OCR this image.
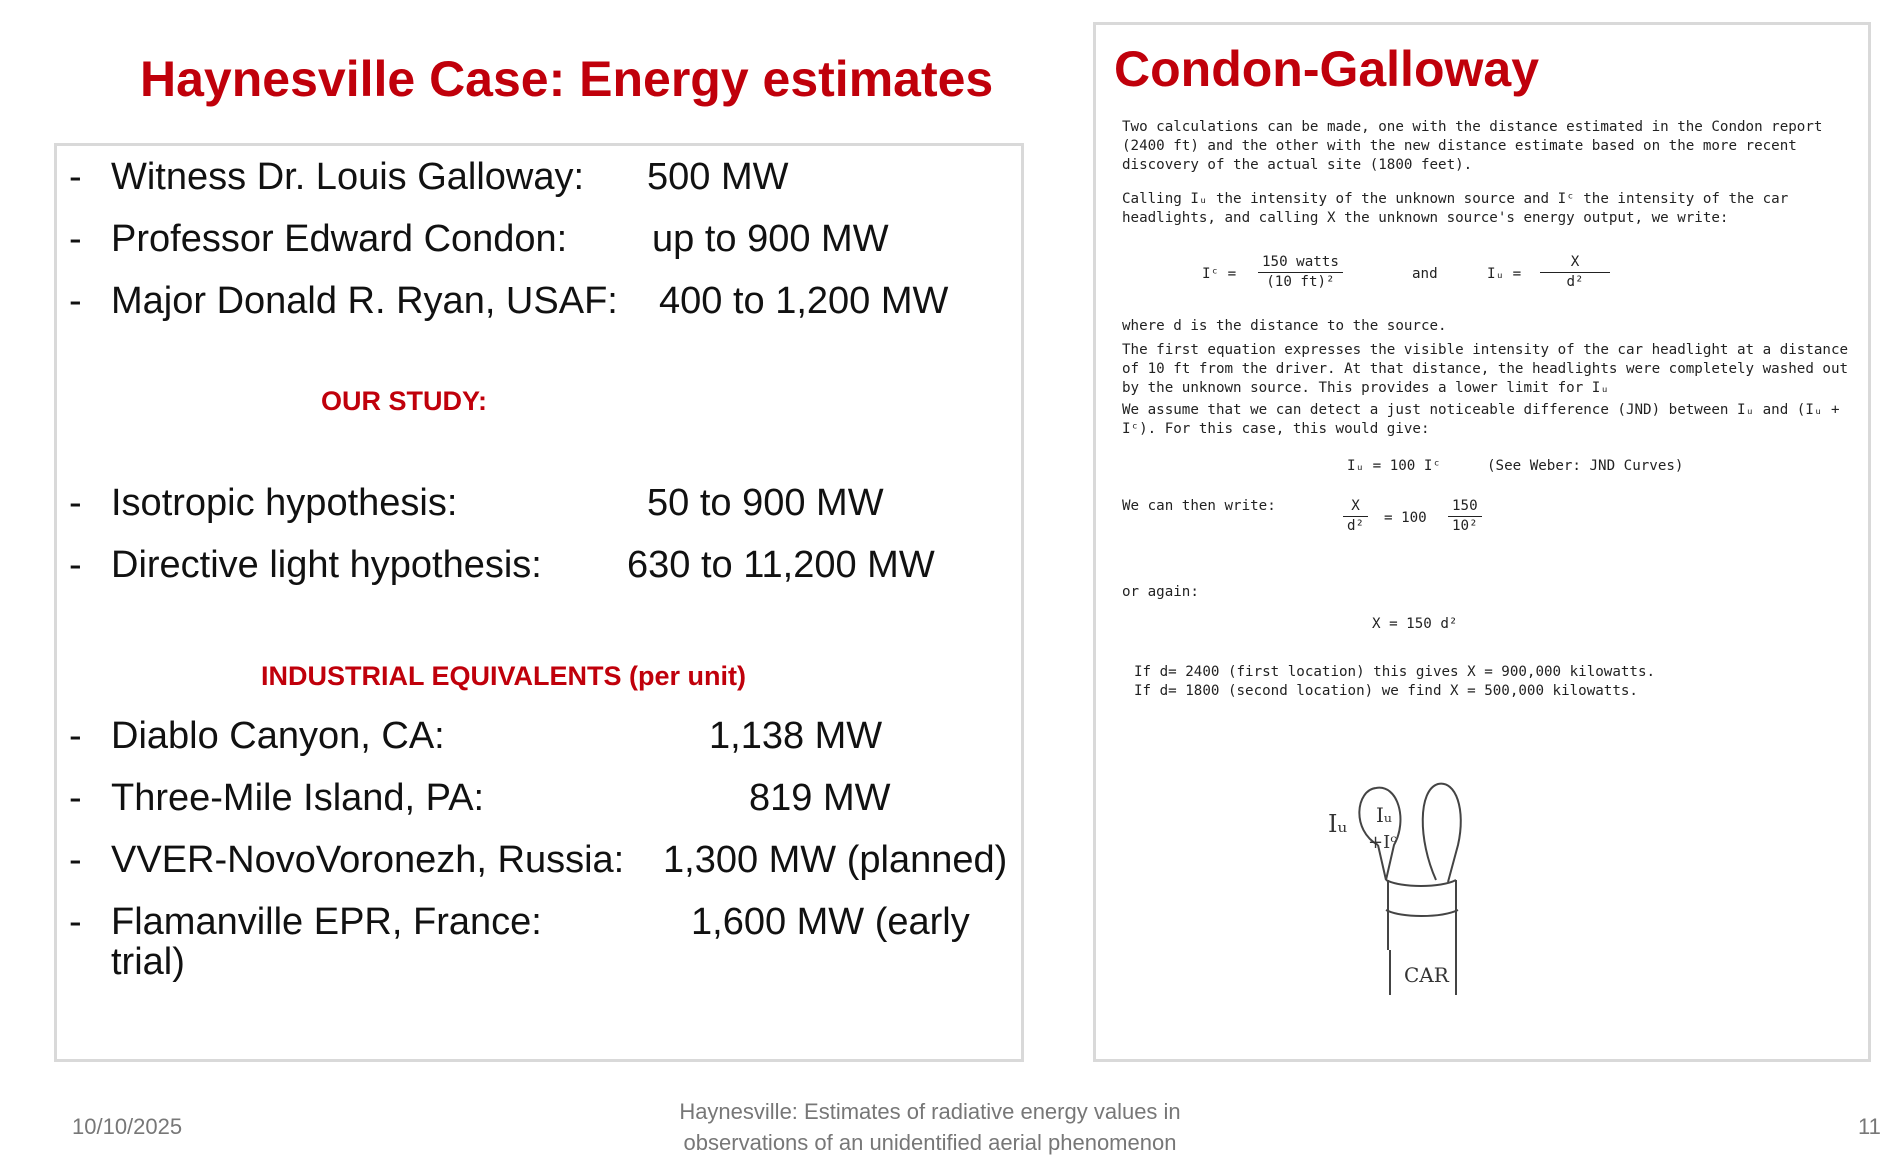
Haynesville Case: Energy estimates
- Witness Dr. Louis Galloway: 500 MW
- Professor Edward Condon: up to 900 MW
- Major Donald R. Ryan, USAF: 400 to 1,200 MW
OUR STUDY:
- Isotropic hypothesis:	50 to 900 MW
- Directive light hypothesis: 630 to 11,200 MW
INDUSTRIAL EQUIVALENTS (per unit)
- Diablo Canyon, CA:	1,138 MW
- Three-Mile Island, PA:	819 MW
- VVER-NovoVoronezh, Russia: 1,300 MW (planned)
- Flamanville EPR, France:	1,600 MW (early
trial)
Condon-Galloway

Two calculations can be made, one with the distance estimated in the Condon report (2400 ft) and the other with the new distance estimate based on the more recent discovery of the actual site (1800 feet).

Calling Iᵤ the intensity of the unknown source and Iᶜ the intensity of the car headlights, and calling X the unknown source's energy output, we write:

Iᶜ = $\frac{\text{150 watts}}{\text{(10 ft)²}}$	and	Iᵤ = $\frac{X}{\text{d²}}$

where d is the distance to the source.

The first equation expresses the visible intensity of the car headlight at a distance of 10 ft from the driver. At that distance, the headlights were completely washed out by the unknown source. This provides a lower limit for Iᵤ

We assume that we can detect a just noticeable difference (JND) between Iᵤ and (Iᵤ + Iᶜ). For this case, this would give:

Iᵤ = 100 Iᶜ	(See Weber: JND Curves)
We can then write:	$\frac{X}{\text{d²}} = 100 \frac{150}{\text{10²}}$

or again:

X = 150 d²

If d= 2400 (first location) this gives X = 900,000 kilowatts.

If d= 1800 (second location) we find X = 500,000 kilowatts.

Iᵤ Iᵤ
+Iᶜ
CAR
10/10/2025
Haynesville: Estimates of radiative energy values in
observations of an unidentified aerial phenomenon
11
